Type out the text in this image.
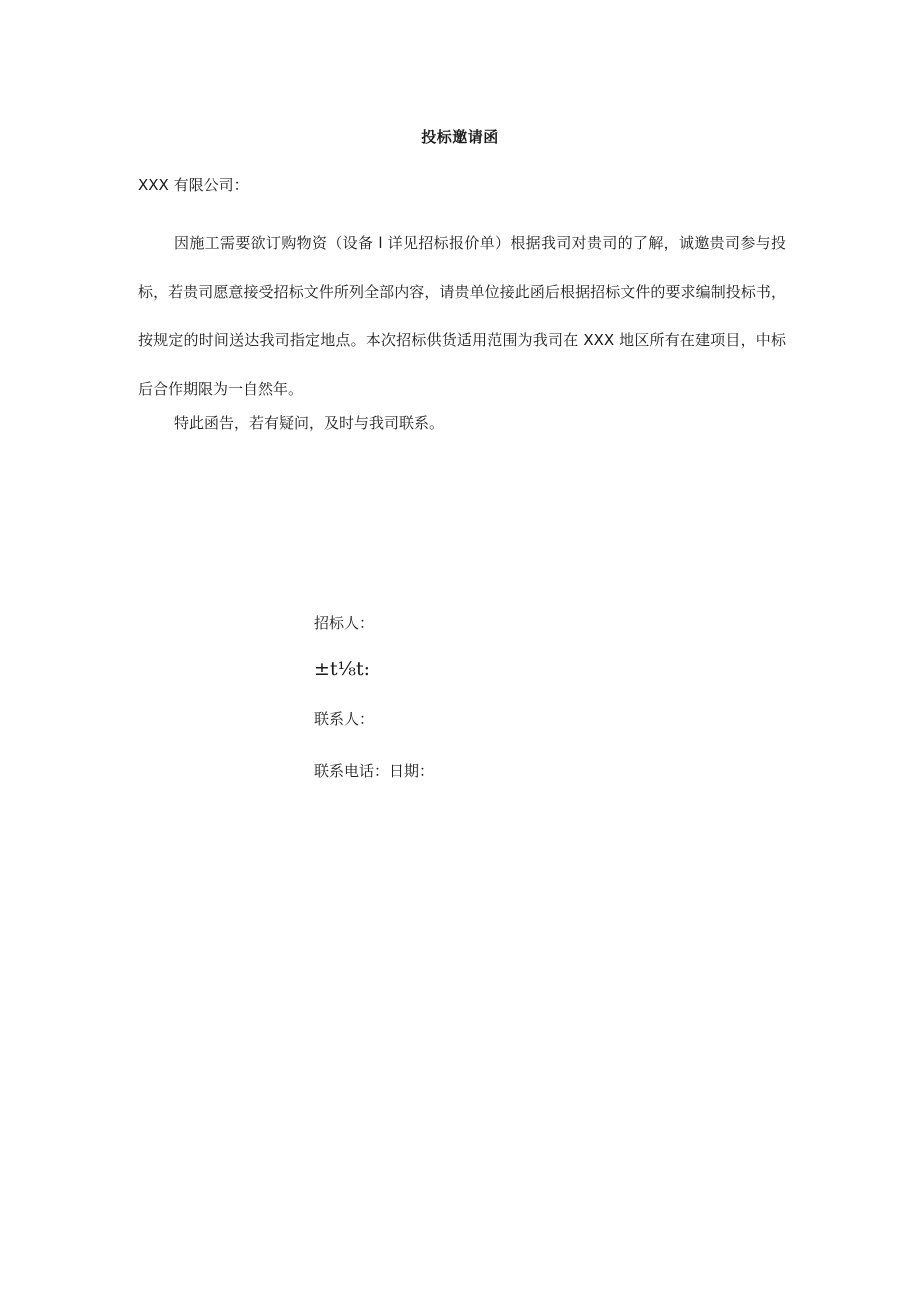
投标邀请函
XXX 有限公司：

因施工需要欲订购物资（设备 l 详见招标报价单）根据我司对贵司的了解，诚邀贵司参与投标，若贵司愿意接受招标文件所列全部内容，请贵单位接此函后根据招标文件的要求编制投标书，按规定的时间送达我司指定地点。本次招标供货适用范围为我司在 XXX 地区所有在建项目，中标后合作期限为一自然年。

特此函告，若有疑问，及时与我司联系。
招标人：
±t⅛t:
联系人：
联系电话：日期：
